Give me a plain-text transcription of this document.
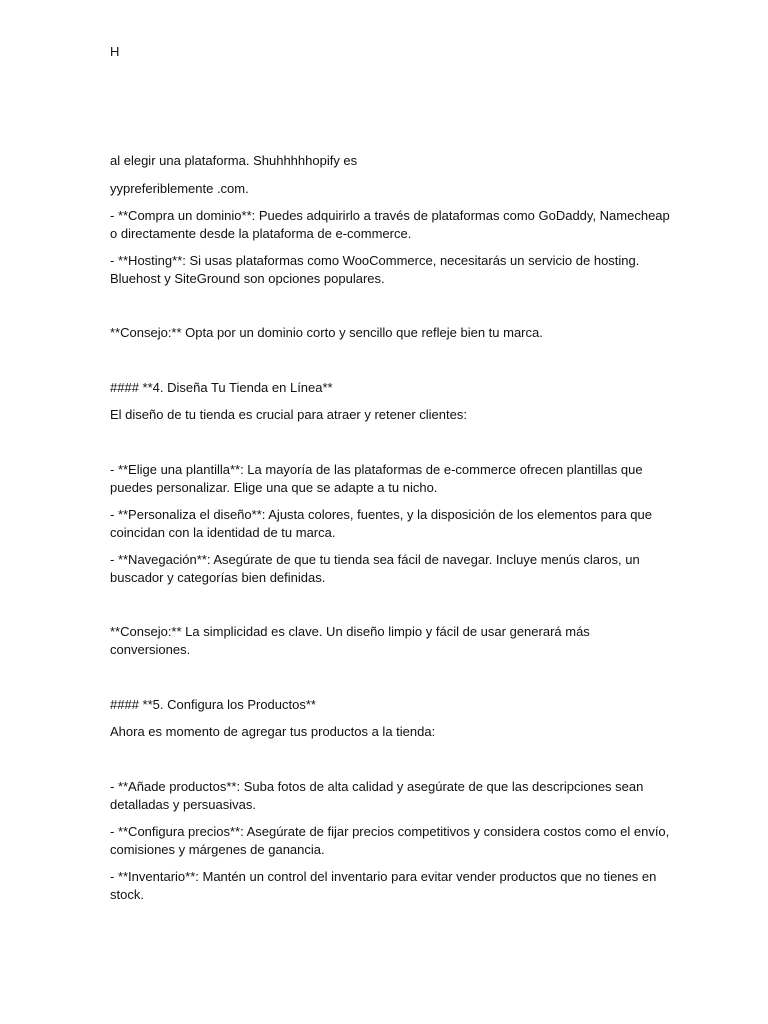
H

al elegir una plataforma. Shuhhhhhopify es

yypreferiblemente .com.

- **Compra un dominio**: Puedes adquirirlo a través de plataformas como GoDaddy, Namecheap o directamente desde la plataforma de e-commerce.

- **Hosting**: Si usas plataformas como WooCommerce, necesitarás un servicio de hosting. Bluehost y SiteGround son opciones populares.

**Consejo:** Opta por un dominio corto y sencillo que refleje bien tu marca.

#### **4. Diseña Tu Tienda en Línea**

El diseño de tu tienda es crucial para atraer y retener clientes:

- **Elige una plantilla**: La mayoría de las plataformas de e-commerce ofrecen plantillas que puedes personalizar. Elige una que se adapte a tu nicho.

- **Personaliza el diseño**: Ajusta colores, fuentes, y la disposición de los elementos para que coincidan con la identidad de tu marca.

- **Navegación**: Asegúrate de que tu tienda sea fácil de navegar. Incluye menús claros, un buscador y categorías bien definidas.

**Consejo:** La simplicidad es clave. Un diseño limpio y fácil de usar generará más conversiones.

#### **5. Configura los Productos**

Ahora es momento de agregar tus productos a la tienda:

- **Añade productos**: Suba fotos de alta calidad y asegúrate de que las descripciones sean detalladas y persuasivas.

- **Configura precios**: Asegúrate de fijar precios competitivos y considera costos como el envío, comisiones y márgenes de ganancia.

- **Inventario**: Mantén un control del inventario para evitar vender productos que no tienes en stock.
